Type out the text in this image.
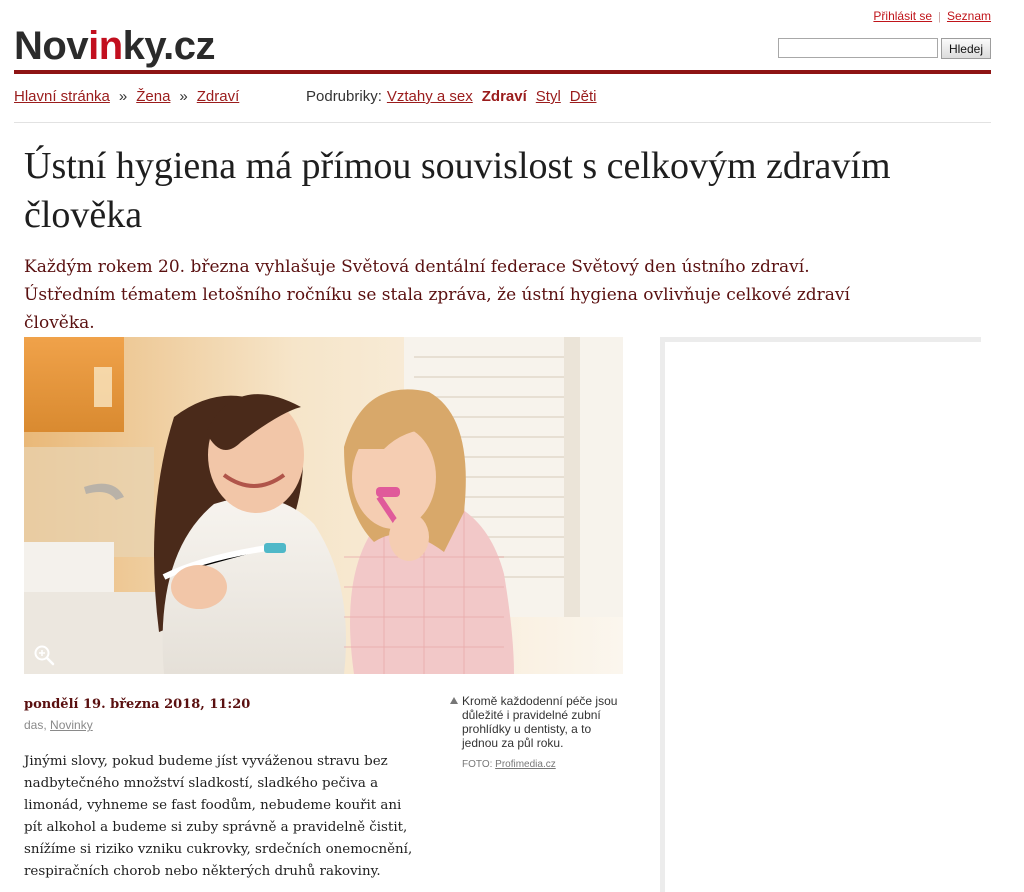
Přihlásit se | Seznam
Novinky.cz	Hledej
Hlavní stránka » Žena » Zdraví	Podrubriky: Vztahy a sex Zdraví Styl Děti
Ústní hygiena má přímou souvislost s celkovým zdravím člověka

Každým rokem 20. března vyhlašuje Světová dentální federace Světový den ústního zdraví. Ústředním tématem letošního ročníku se stala zpráva, že ústní hygiena ovlivňuje celkové zdraví člověka.

pondělí 19. března 2018, 11:20
das, Novinky
Kromě každodenní péče jsou důležité i pravidelné zubní prohlídky u dentisty, a to jednou za půl roku.
FOTO: Profimedia.cz

Jinými slovy, pokud budeme jíst vyváženou stravu bez nadbytečného množství sladkostí, sladkého pečiva a limonád, vyhneme se fast foodům, nebudeme kouřit ani pít alkohol a budeme si zuby správně a pravidelně čistit, snížíme si riziko vzniku cukrovky, srdečních onemocnění, respiračních chorob nebo některých druhů rakoviny.
